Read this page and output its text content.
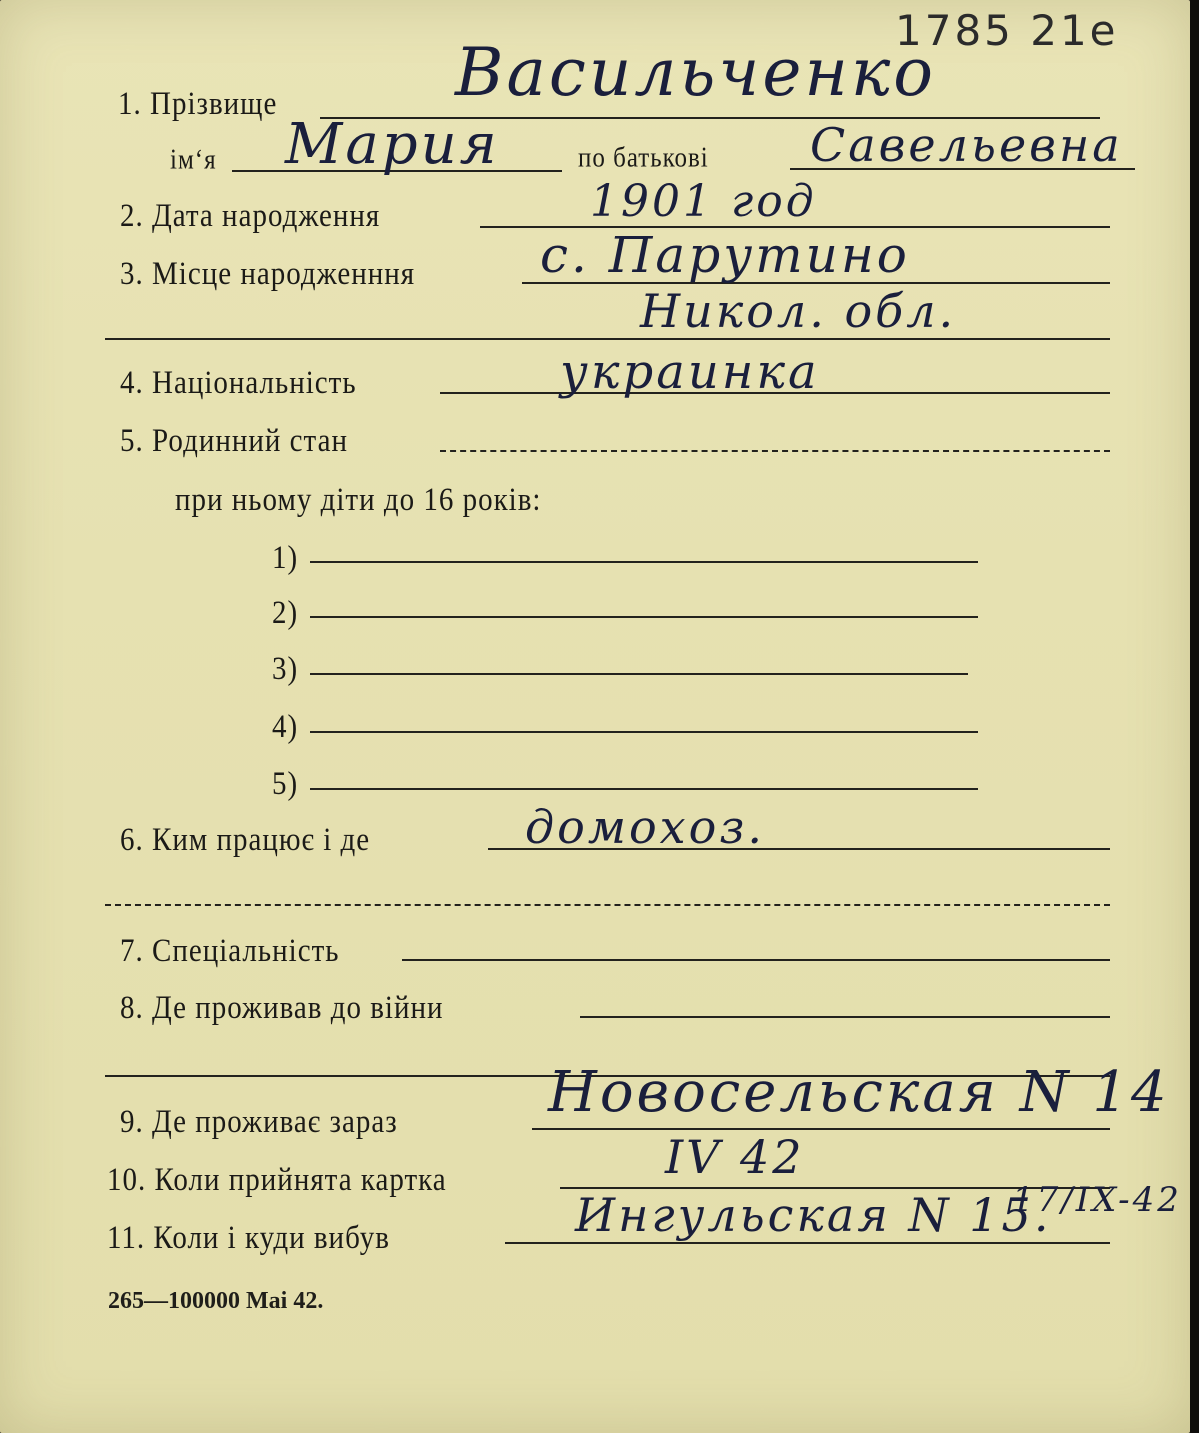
1785 21e
1. Прізвище	Васильченко
ім‘я Мария	по батькові Савельевна
2. Дата народження	1901 год
3. Місце народженння с. Парутино
Никол. обл.
4. Національність	украинка
5. Родинний стан
при ньому діти до 16 років:
1)
2)
3)
4)
5)
6. Ким працює і де	домохоз.
7. Спеціальність
8. Де проживав до війни
9. Де проживає зараз	Новосельская N 14
10. Коли прийнята картка	IV 42
11. Коли і куди вибув	Ингульская N 15.
17/IX-42
265—100000 Mai 42.
